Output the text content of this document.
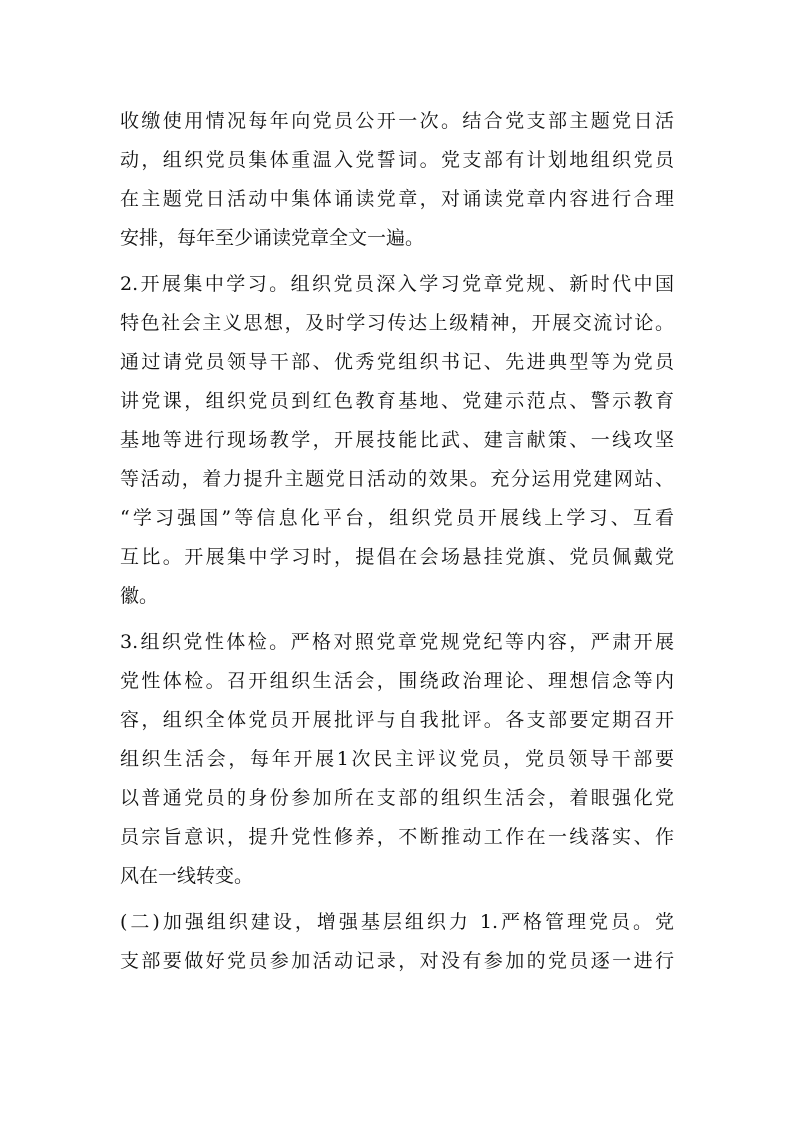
收缴使用情况每年向党员公开一次。结合党支部主题党日活

动，组织党员集体重温入党誓词。党支部有计划地组织党员

在主题党日活动中集体诵读党章，对诵读党章内容进行合理

安排，每年至少诵读党章全文一遍。

2.开展集中学习。组织党员深入学习党章党规、新时代中国

特色社会主义思想，及时学习传达上级精神，开展交流讨论。

通过请党员领导干部、优秀党组织书记、先进典型等为党员

讲党课，组织党员到红色教育基地、党建示范点、警示教育

基地等进行现场教学，开展技能比武、建言献策、一线攻坚

等活动，着力提升主题党日活动的效果。充分运用党建网站、

“学习强国”等信息化平台，组织党员开展线上学习、互看

互比。开展集中学习时，提倡在会场悬挂党旗、党员佩戴党

徽。

3.组织党性体检。严格对照党章党规党纪等内容，严肃开展

党性体检。召开组织生活会，围绕政治理论、理想信念等内

容，组织全体党员开展批评与自我批评。各支部要定期召开

组织生活会，每年开展1次民主评议党员，党员领导干部要

以普通党员的身份参加所在支部的组织生活会，着眼强化党

员宗旨意识，提升党性修养，不断推动工作在一线落实、作

风在一线转变。

(二)加强组织建设，增强基层组织力 1.严格管理党员。党

支部要做好党员参加活动记录，对没有参加的党员逐一进行
